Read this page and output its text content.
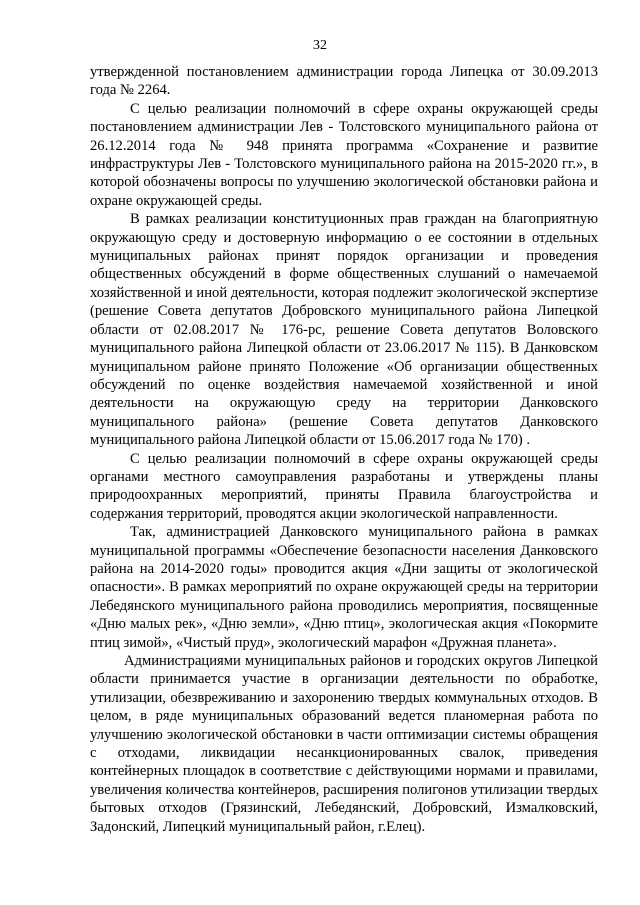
32

утвержденной постановлением администрации города Липецка от 30.09.2013 года № 2264.

С целью реализации полномочий в сфере охраны окружающей среды постановлением администрации Лев - Толстовского муниципального района от 26.12.2014 года № 948 принята программа «Сохранение и развитие инфраструктуры Лев - Толстовского муниципального района на 2015-2020 гг.», в которой обозначены вопросы по улучшению экологической обстановки района и охране окружающей среды.

В рамках реализации конституционных прав граждан на благоприятную окружающую среду и достоверную информацию о ее состоянии в отдельных муниципальных районах принят порядок организации и проведения общественных обсуждений в форме общественных слушаний о намечаемой хозяйственной и иной деятельности, которая подлежит экологической экспертизе (решение Совета депутатов Добровского муниципального района Липецкой области от 02.08.2017 № 176-рс, решение Совета депутатов Воловского муниципального района Липецкой области от 23.06.2017 № 115). В Данковском муниципальном районе принято Положение «Об организации общественных обсуждений по оценке воздействия намечаемой хозяйственной и иной деятельности на окружающую среду на территории Данковского муниципального района» (решение Совета депутатов Данковского муниципального района Липецкой области от 15.06.2017 года № 170) .

С целью реализации полномочий в сфере охраны окружающей среды органами местного самоуправления разработаны и утверждены планы природоохранных мероприятий, приняты Правила благоустройства и содержания территорий, проводятся акции экологической направленности.

Так, администрацией Данковского муниципального района в рамках муниципальной программы «Обеспечение безопасности населения Данковского района на 2014-2020 годы» проводится акция «Дни защиты от экологической опасности». В рамках мероприятий по охране окружающей среды на территории Лебедянского муниципального района проводились мероприятия, посвященные «Дню малых рек», «Дню земли», «Дню птиц», экологическая акция «Покормите птиц зимой», «Чистый пруд», экологический марафон «Дружная планета».

Администрациями муниципальных районов и городских округов Липецкой области принимается участие в организации деятельности по обработке, утилизации, обезвреживанию и захоронению твердых коммунальных отходов. В целом, в ряде муниципальных образований ведется планомерная работа по улучшению экологической обстановки в части оптимизации системы обращения с отходами, ликвидации несанкционированных свалок, приведения контейнерных площадок в соответствие с действующими нормами и правилами, увеличения количества контейнеров, расширения полигонов утилизации твердых бытовых отходов (Грязинский, Лебедянский, Добровский, Измалковский, Задонский, Липецкий муниципальный район, г.Елец).
